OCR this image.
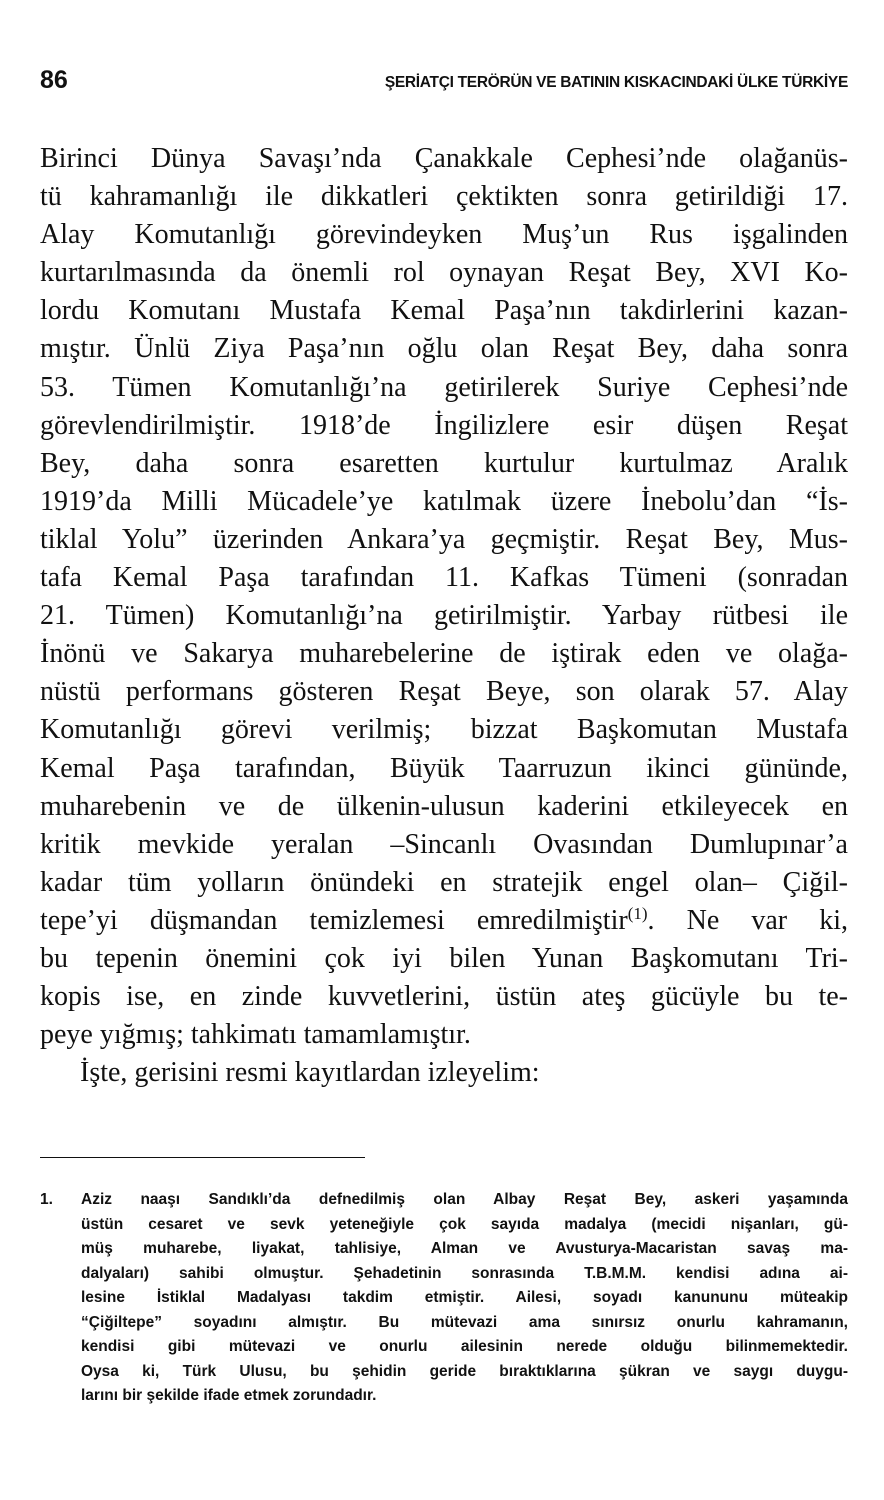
86	ŞERİATÇI TERÖRÜN VE BATININ KISKACINDAKİ ÜLKE TÜRKİYE
Birinci Dünya Savaşı’nda Çanakkale Cephesi’nde olağanüs-
tü kahramanlığı ile dikkatleri çektikten sonra getirildiği 17.
Alay Komutanlığı görevindeyken Muş’un Rus işgalinden
kurtarılmasında da önemli rol oynayan Reşat Bey, XVI Ko-
lordu Komutanı Mustafa Kemal Paşa’nın takdirlerini kazan-
mıştır. Ünlü Ziya Paşa’nın oğlu olan Reşat Bey, daha sonra
53. Tümen Komutanlığı’na getirilerek Suriye Cephesi’nde
görevlendirilmiştir. 1918’de İngilizlere esir düşen Reşat
Bey, daha sonra esaretten kurtulur kurtulmaz Aralık
1919’da Milli Mücadele’ye katılmak üzere İnebolu’dan “İs-
tiklal Yolu” üzerinden Ankara’ya geçmiştir. Reşat Bey, Mus-
tafa Kemal Paşa tarafından 11. Kafkas Tümeni (sonradan
21. Tümen) Komutanlığı’na getirilmiştir. Yarbay rütbesi ile
İnönü ve Sakarya muharebelerine de iştirak eden ve olağa-
nüstü performans gösteren Reşat Beye, son olarak 57. Alay
Komutanlığı görevi verilmiş; bizzat Başkomutan Mustafa
Kemal Paşa tarafından, Büyük Taarruzun ikinci gününde,
muharebenin ve de ülkenin-ulusun kaderini etkileyecek en
kritik mevkide yeralan –Sincanlı Ovasından Dumlupınar’a
kadar tüm yolların önündeki en stratejik engel olan– Çiğil-
tepe’yi düşmandan temizlemesi emredilmiştir$^{(1)}$. Ne var ki,
bu tepenin önemini çok iyi bilen Yunan Başkomutanı Tri-
kopis ise, en zinde kuvvetlerini, üstün ateş gücüyle bu te-
peye yığmış; tahkimatı tamamlamıştır.
İşte, gerisini resmi kayıtlardan izleyelim:
1. Aziz naaşı Sandıklı’da defnedilmiş olan Albay Reşat Bey, askeri yaşamında
üstün cesaret ve sevk yeteneğiyle çok sayıda madalya (mecidi nişanları, gü-
müş muharebe, liyakat, tahlisiye, Alman ve Avusturya-Macaristan savaş ma-
dalyaları) sahibi olmuştur. Şehadetinin sonrasında T.B.M.M. kendisi adına ai-
lesine İstiklal Madalyası takdim etmiştir. Ailesi, soyadı kanununu müteakip
“Çiğiltepe” soyadını almıştır. Bu mütevazi ama sınırsız onurlu kahramanın,
kendisi gibi mütevazi ve onurlu ailesinin nerede olduğu bilinmemektedir.
Oysa ki, Türk Ulusu, bu şehidin geride bıraktıklarına şükran ve saygı duygu-
larını bir şekilde ifade etmek zorundadır.
